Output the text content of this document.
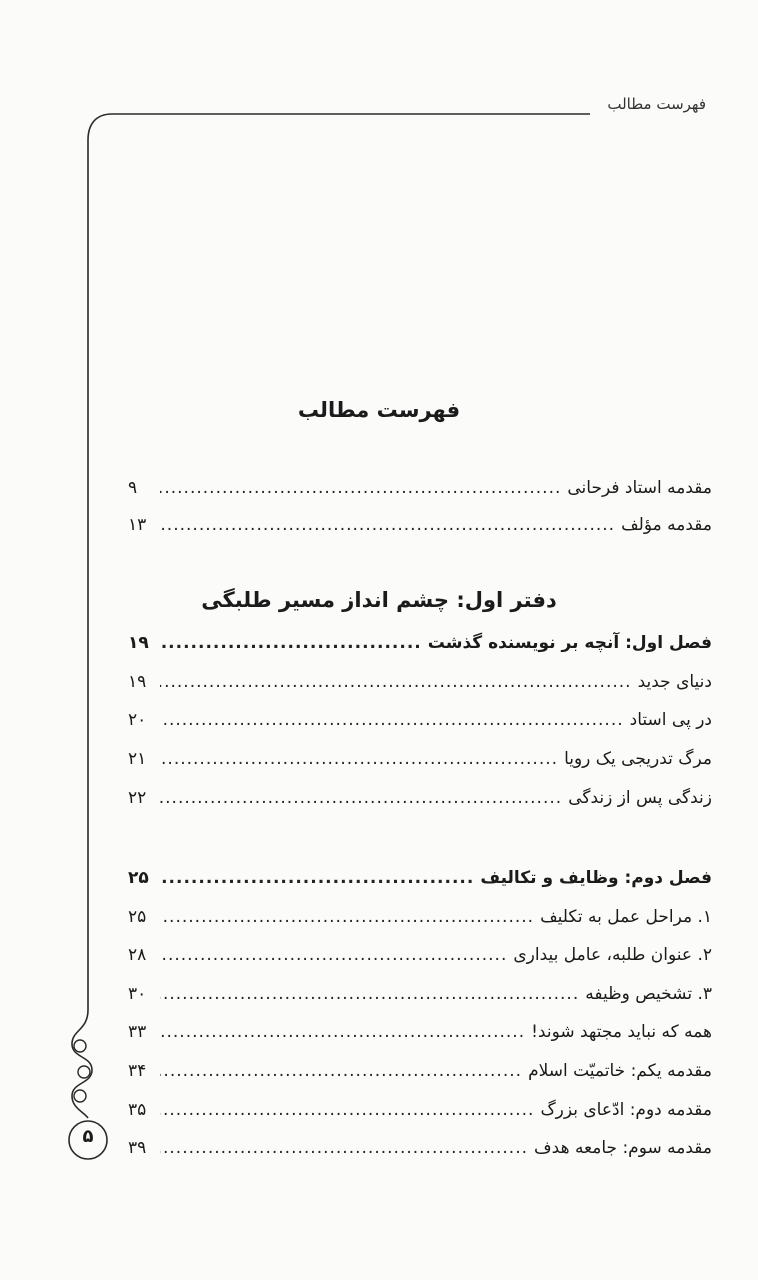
فهرست مطالب
فهرست مطالب
مقدمه استاد فرحانی
.....
۹
مقدمه مؤلف
.....
۱۳
دفتر اول: چشم انداز مسیر طلبگی
فصل اول: آنچه بر نویسنده گذشت
.....
۱۹
دنیای جدید
.....
۱۹
در پی استاد
.....
۲۰
مرگ تدریجی یک رویا
.....
۲۱
زندگی پس از زندگی
.....
۲۲
فصل دوم: وظایف و تکالیف
.....
۲۵
۱. مراحل عمل به تکلیف
.....
۲۵
۲. عنوان طلبه، عامل بیداری
.....
۲۸
۳. تشخیص وظیفه
.....
۳۰
همه که نباید مجتهد شوند!
.....
۳۳
مقدمه یکم: خاتمیّت اسلام
.....
۳۴
مقدمه دوم: ادّعای بزرگ
.....
۳۵
مقدمه سوم: جامعه هدف
.....
۳۹
۵
